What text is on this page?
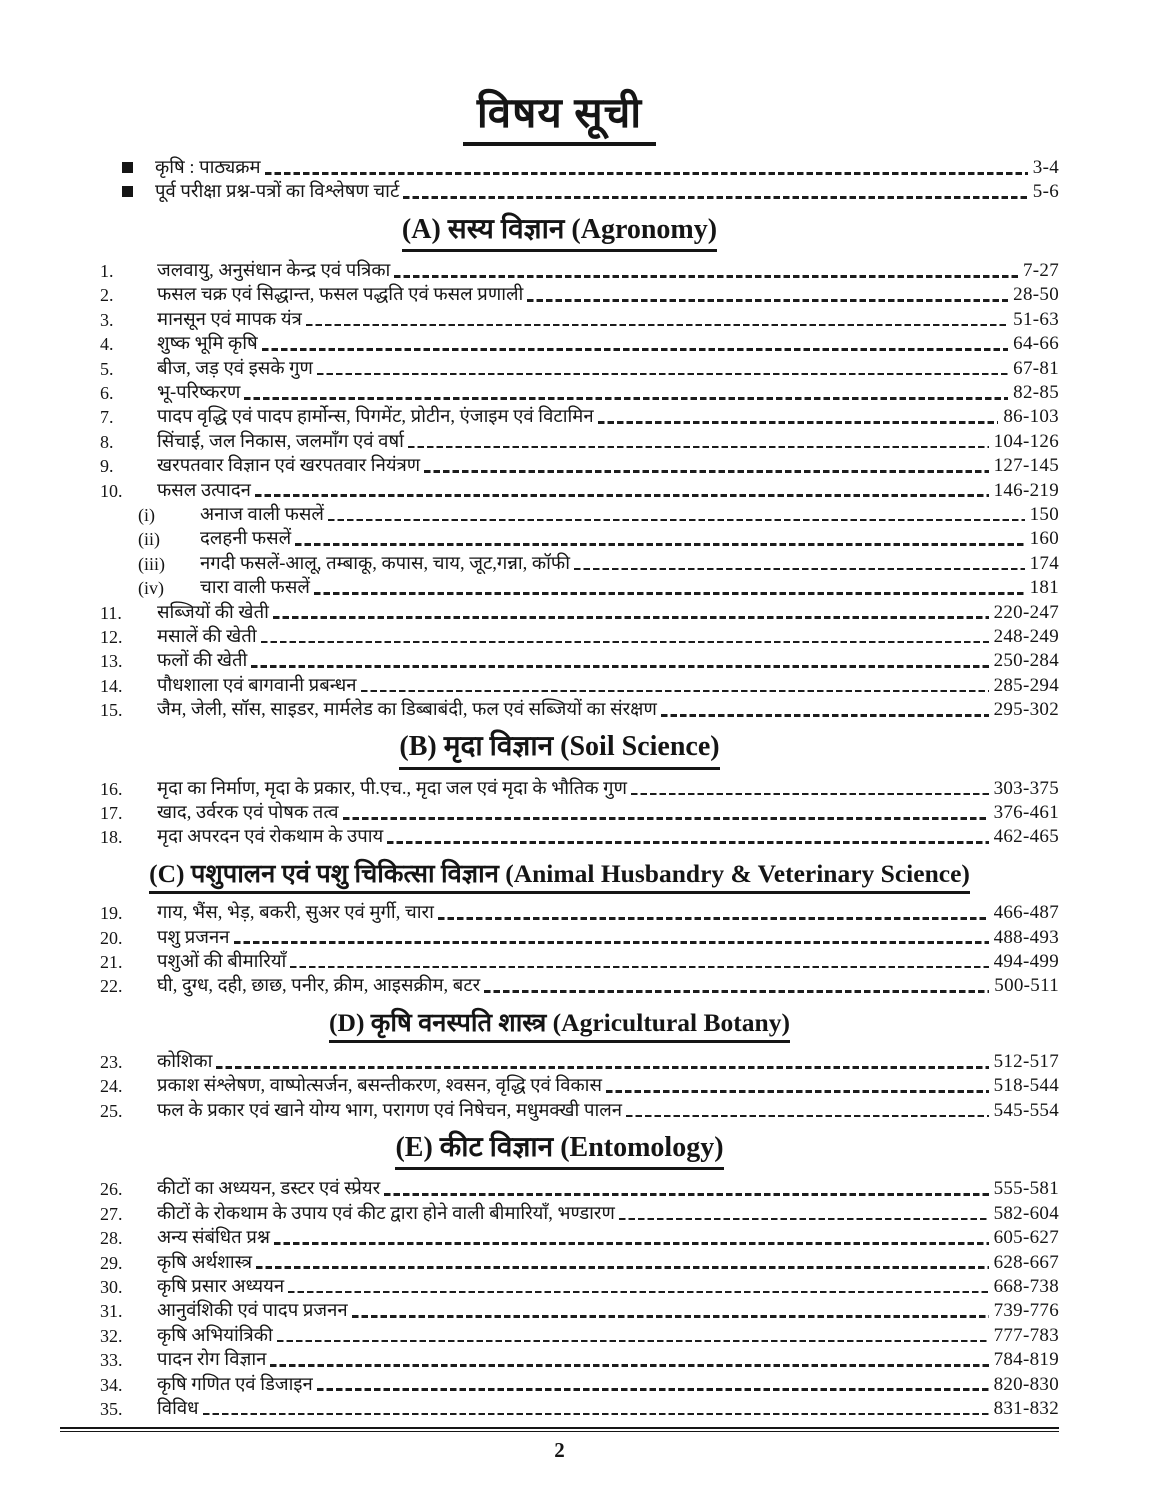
विषय सूची
कृषि : पाठ्यक्रम	3-4
पूर्व परीक्षा प्रश्न-पत्रों का विश्लेषण चार्ट	5-6
(A) सस्य विज्ञान (Agronomy)
1.	जलवायु, अनुसंधान केन्द्र एवं पत्रिका	7-27
2.	फसल चक्र एवं सिद्धान्त, फसल पद्धति एवं फसल प्रणाली	28-50
3.	मानसून एवं मापक यंत्र	51-63
4.	शुष्क भूमि कृषि	64-66
5.	बीज, जड़ एवं इसके गुण	67-81
6.	भू-परिष्करण	82-85
7.	पादप वृद्धि एवं पादप हार्मोन्स, पिगमेंट, प्रोटीन, एंजाइम एवं विटामिन	86-103
8.	सिंचाई, जल निकास, जलमाँग एवं वर्षा	104-126
9.	खरपतवार विज्ञान एवं खरपतवार नियंत्रण	127-145
10.	फसल उत्पादन	146-219
(i)	अनाज वाली फसलें	150
(ii)	दलहनी फसलें	160
(iii)	नगदी फसलें-आलू, तम्बाकू, कपास, चाय, जूट,गन्ना, कॉफी	174
(iv)	चारा वाली फसलें	181
11.	सब्जियों की खेती	220-247
12.	मसालें की खेती	248-249
13.	फलों की खेती	250-284
14.	पौधशाला एवं बागवानी प्रबन्धन	285-294
15.	जैम, जेली, सॉस, साइडर, मार्मलेड का डिब्बाबंदी, फल एवं सब्जियों का संरक्षण	295-302
(B) मृदा विज्ञान (Soil Science)
16.	मृदा का निर्माण, मृदा के प्रकार, पी.एच., मृदा जल एवं मृदा के भौतिक गुण	303-375
17.	खाद, उर्वरक एवं पोषक तत्व	376-461
18.	मृदा अपरदन एवं रोकथाम के उपाय	462-465
(C) पशुपालन एवं पशु चिकित्सा विज्ञान (Animal Husbandry & Veterinary Science)
19.	गाय, भैंस, भेड़, बकरी, सुअर एवं मुर्गी, चारा	466-487
20.	पशु प्रजनन	488-493
21.	पशुओं की बीमारियाँ	494-499
22.	घी, दुग्ध, दही, छाछ, पनीर, क्रीम, आइसक्रीम, बटर	500-511
(D) कृषि वनस्पति शास्त्र (Agricultural Botany)
23.	कोशिका	512-517
24.	प्रकाश संश्लेषण, वाष्पोत्सर्जन, बसन्तीकरण, श्वसन, वृद्धि एवं विकास	518-544
25.	फल के प्रकार एवं खाने योग्य भाग, परागण एवं निषेचन, मधुमक्खी पालन	545-554
(E) कीट विज्ञान (Entomology)
26.	कीटों का अध्ययन, डस्टर एवं स्प्रेयर	555-581
27.	कीटों के रोकथाम के उपाय एवं कीट द्वारा होने वाली बीमारियाँ, भण्डारण	582-604
28.	अन्य संबंधित प्रश्न	605-627
29.	कृषि अर्थशास्त्र	628-667
30.	कृषि प्रसार अध्ययन	668-738
31.	आनुवंशिकी एवं पादप प्रजनन	739-776
32.	कृषि अभियांत्रिकी	777-783
33.	पादन रोग विज्ञान	784-819
34.	कृषि गणित एवं डिजाइन	820-830
35.	विविध	831-832
2
